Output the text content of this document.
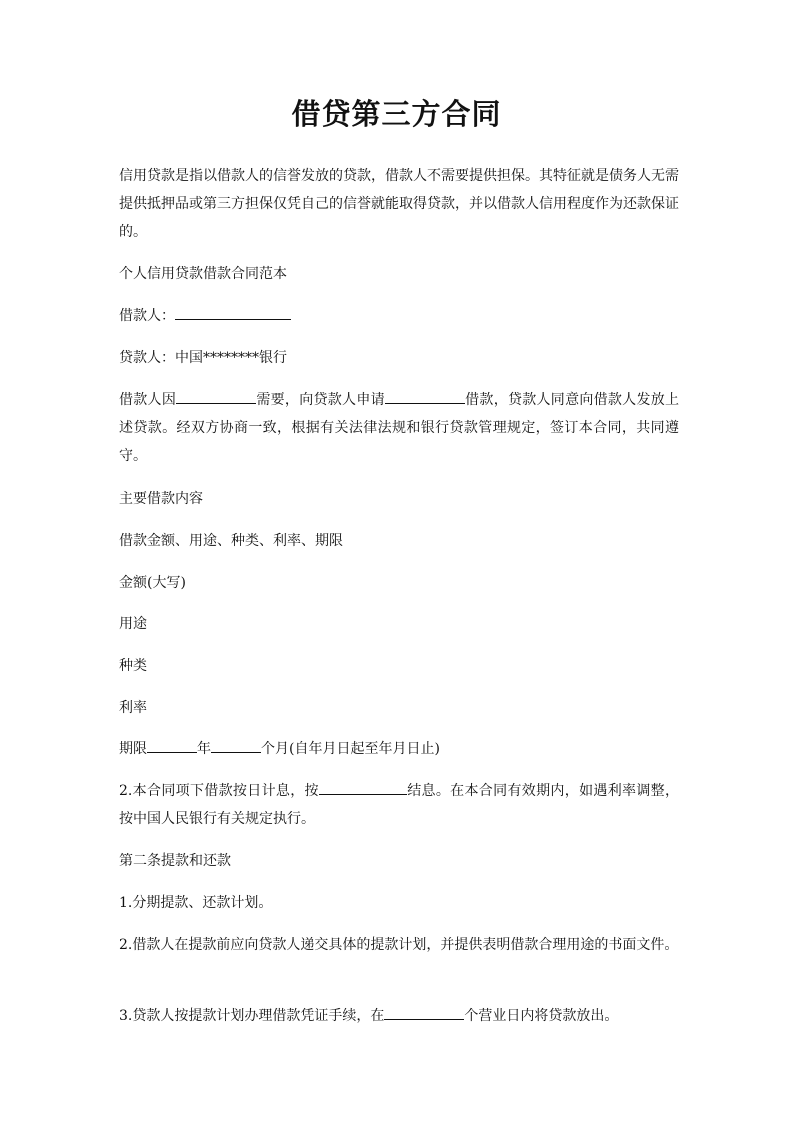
借贷第三方合同

信用贷款是指以借款人的信誉发放的贷款，借款人不需要提供担保。其特征就是债务人无需提供抵押品或第三方担保仅凭自己的信誉就能取得贷款，并以借款人信用程度作为还款保证的。

个人信用贷款借款合同范本

借款人：

贷款人：中国********银行

借款人因	需要，向贷款人申请	借款，贷款人同意向借款人发放上述贷款。经双方协商一致，根据有关法律法规和银行贷款管理规定，签订本合同，共同遵守。

主要借款内容

借款金额、用途、种类、利率、期限

金额(大写)

用途

种类

利率

期限	年	个月(自年月日起至年月日止)

2.本合同项下借款按日计息，按	结息。在本合同有效期内，如遇利率调整，按中国人民银行有关规定执行。

第二条提款和还款

1.分期提款、还款计划。

2.借款人在提款前应向贷款人递交具体的提款计划，并提供表明借款合理用途的书面文件。

3.贷款人按提款计划办理借款凭证手续，在	个营业日内将贷款放出。
